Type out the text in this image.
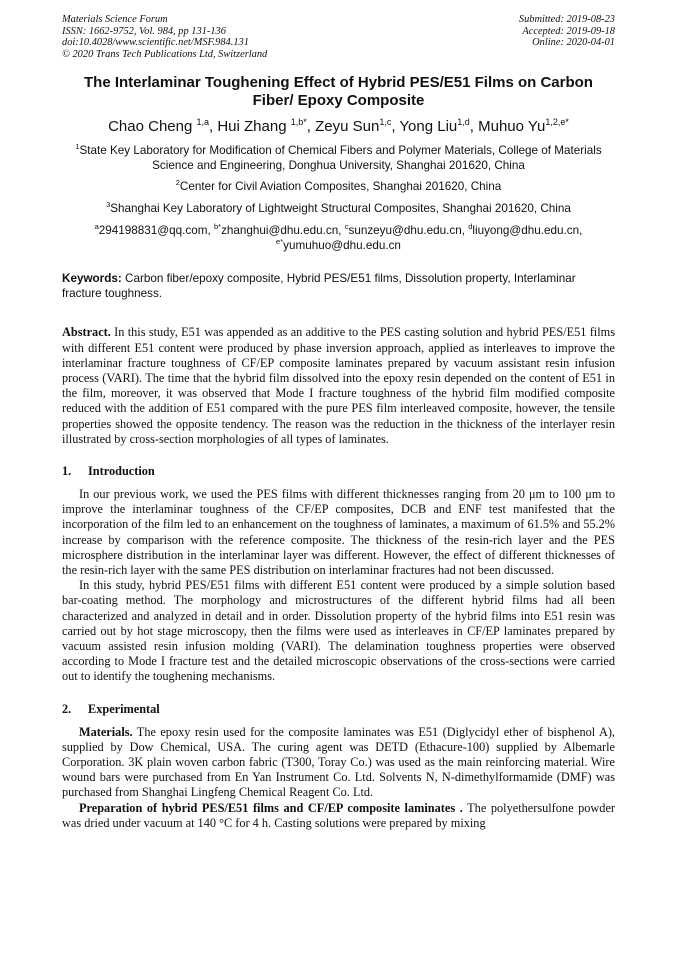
Materials Science Forum
ISSN: 1662-9752, Vol. 984, pp 131-136
doi:10.4028/www.scientific.net/MSF.984.131
© 2020 Trans Tech Publications Ltd, Switzerland
Submitted: 2019-08-23
Accepted: 2019-09-18
Online: 2020-04-01
The Interlaminar Toughening Effect of Hybrid PES/E51 Films on Carbon Fiber/ Epoxy Composite
Chao Cheng $^{1,a}$, Hui Zhang $^{1,b*}$, Zeyu Sun$^{1,c}$, Yong Liu$^{1,d}$, Muhuo $Yu^{1,2,e*}$
$^1$State Key Laboratory for Modification of Chemical Fibers and Polymer Materials, College of Materials Science and Engineering, Donghua University, Shanghai 201620, China
$^2$Center for Civil Aviation Composites, Shanghai 201620, China
$^3$Shanghai Key Laboratory of Lightweight Structural Composites, Shanghai 201620, China
$^a$294198831@qq.com, $^{b*}$zhanghui@dhu.edu.cn, $^c$sunzeyu@dhu.edu.cn, $^d$liuyong@dhu.edu.cn,
$^{e*}$yumuhuo@dhu.edu.cn
Keywords: Carbon fiber/epoxy composite, Hybrid PES/E51 films, Dissolution property, Interlaminar fracture toughness.
Abstract. In this study, E51 was appended as an additive to the PES casting solution and hybrid PES/E51 films with different E51 content were produced by phase inversion approach, applied as interleaves to improve the interlaminar fracture toughness of CF/EP composite laminates prepared by vacuum assistant resin infusion process (VARI). The time that the hybrid film dissolved into the epoxy resin depended on the content of E51 in the film, moreover, it was observed that Mode I fracture toughness of the hybrid film modified composite reduced with the addition of E51 compared with the pure PES film interleaved composite, however, the tensile properties showed the opposite tendency. The reason was the reduction in the thickness of the interlayer resin illustrated by cross-section morphologies of all types of laminates.
1. Introduction
In our previous work, we used the PES films with different thicknesses ranging from 20 μm to 100 μm to improve the interlaminar toughness of the CF/EP composites, DCB and ENF test manifested that the incorporation of the film led to an enhancement on the toughness of laminates, a maximum of 61.5% and 55.2% increase by comparison with the reference composite. The thickness of the resin-rich layer and the PES microsphere distribution in the interlaminar layer was different. However, the effect of different thicknesses of the resin-rich layer with the same PES distribution on interlaminar fractures had not been discussed.
In this study, hybrid PES/E51 films with different E51 content were produced by a simple solution based bar-coating method. The morphology and microstructures of the different hybrid films had all been characterized and analyzed in detail and in order. Dissolution property of the hybrid films into E51 resin was carried out by hot stage microscopy, then the films were used as interleaves in CF/EP laminates prepared by vacuum assisted resin infusion molding (VARI). The delamination toughness properties were observed according to Mode I fracture test and the detailed microscopic observations of the cross-sections were carried out to identify the toughening mechanisms.
2. Experimental
Materials. The epoxy resin used for the composite laminates was E51 (Diglycidyl ether of bisphenol A), supplied by Dow Chemical, USA. The curing agent was DETD (Ethacure-100) supplied by Albemarle Corporation. 3K plain woven carbon fabric (T300, Toray Co.) was used as the main reinforcing material. Wire wound bars were purchased from En Yan Instrument Co. Ltd. Solvents N, N-dimethylformamide (DMF) was purchased from Shanghai Lingfeng Chemical Reagent Co. Ltd.
Preparation of hybrid PES/E51 films and CF/EP composite laminates . The polyethersulfone powder was dried under vacuum at 140 °C for 4 h. Casting solutions were prepared by mixing
